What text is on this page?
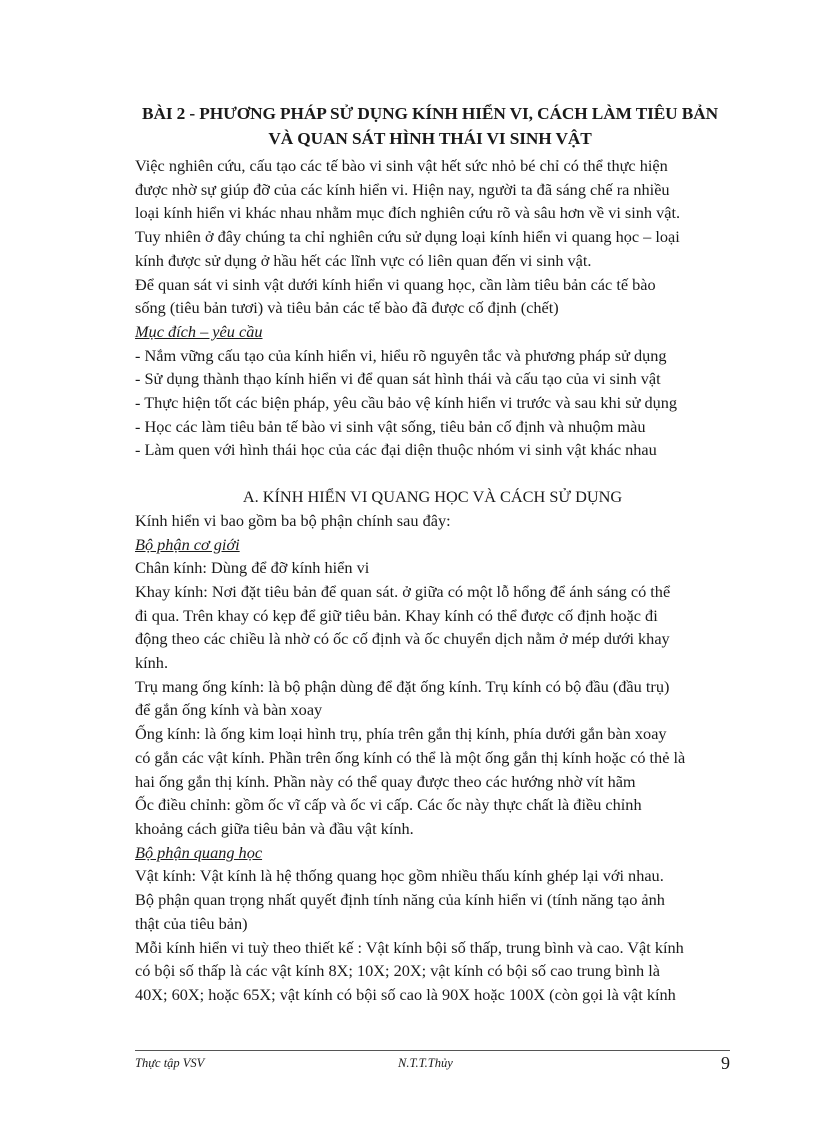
BÀI 2 - PHƯƠNG PHÁP SỬ DỤNG KÍNH HIỂN VI, CÁCH LÀM TIÊU BẢN
VÀ QUAN SÁT HÌNH THÁI VI SINH VẬT
Việc nghiên cứu, cấu tạo các tế bào vi sinh vật hết sức nhỏ bé chỉ có thể thực hiện
được nhờ sự giúp đỡ của các kính hiển vi. Hiện nay, người ta đã sáng chế ra nhiều
loại kính hiển vi khác nhau nhằm mục đích nghiên cứu rõ và sâu hơn về vi sinh vật.
Tuy nhiên ở đây chúng ta chỉ nghiên cứu sử dụng loại kính hiển vi quang học – loại
kính được sử dụng ở hầu hết các lĩnh vực có liên quan đến vi sinh vật.
Để quan sát vi sinh vật dưới kính hiển vi quang học, cần làm tiêu bản các tế bào
sống (tiêu bản tươi) và tiêu bản các tế bào đã được cố định (chết)
Mục đích – yêu cầu
- Nắm vững cấu tạo của kính hiển vi, hiểu rõ nguyên tắc và phương pháp sử dụng
- Sử dụng thành thạo kính hiển vi để quan sát hình thái và cấu tạo của vi sinh vật
- Thực hiện tốt các biện pháp, yêu cầu bảo vệ kính hiển vi trước và sau khi sử dụng
- Học các làm tiêu bản tế bào vi sinh vật sống, tiêu bản cố định và nhuộm màu
- Làm quen với hình thái học của các đại diện thuộc nhóm vi sinh vật khác nhau
A. KÍNH HIỂN VI QUANG HỌC VÀ CÁCH SỬ DỤNG
Kính hiển vi bao gồm ba bộ phận chính sau đây:
Bộ phận cơ giới
Chân kính: Dùng để đỡ kính hiển vi
Khay kính: Nơi đặt tiêu bản để quan sát. ở giữa có một lỗ hổng để ánh sáng có thể
đi qua. Trên khay có kẹp để giữ tiêu bản. Khay kính có thể được cố định hoặc đi
động theo các chiều là nhờ có ốc cố định và ốc chuyển dịch nằm ở mép dưới khay
kính.
Trụ mang ống kính: là bộ phận dùng để đặt ống kính. Trụ kính có bộ đầu (đầu trụ)
để gắn ống kính và bàn xoay
Ống kính: là ống kim loại hình trụ, phía trên gắn thị kính, phía dưới gắn bàn xoay
có gắn các vật kính. Phần trên ống kính có thể là một ống gắn thị kính hoặc có thẻ là
hai ống gắn thị kính. Phần này có thể quay được theo các hướng nhờ vít hãm
Ốc điều chỉnh: gồm ốc vĩ cấp và ốc vi cấp. Các ốc này thực chất là điều chỉnh
khoảng cách giữa tiêu bản và đầu vật kính.
Bộ phận quang học
Vật kính: Vật kính là hệ thống quang học gồm nhiều thấu kính ghép lại với nhau.
Bộ phận quan trọng nhất quyết định tính năng của kính hiển vi (tính năng tạo ảnh
thật của tiêu bản)
Mỗi kính hiển vi tuỳ theo thiết kế : Vật kính bội số thấp, trung bình và cao. Vật kính
có bội số thấp là các vật kính 8X; 10X; 20X; vật kính có bội số cao trung bình là
40X; 60X; hoặc 65X; vật kính có bội số cao là 90X hoặc 100X (còn gọi là vật kính
Thực tập VSV	N.T.T.Thủy	9
